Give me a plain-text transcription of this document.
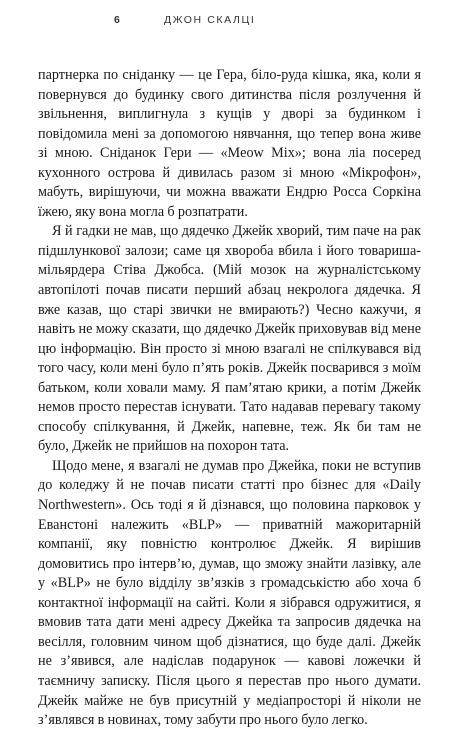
6	ДЖОН СКАЛЦІ

партнерка по сніданку — це Гера, біло-руда кішка, яка, коли я повернувся до будинку свого дитинства після розлучення й звільнення, виплигнула з кущів у дворі за будинком і повідомила мені за допомогою нявчання, що тепер вона живе зі мною. Сніданок Гери — «Meow Mix»; вона ліа посеред кухонного острова й дивилась разом зі мною «Мікрофон», мабуть, вирішуючи, чи можна вважати Ендрю Росса Соркіна їжею, яку вона могла б розпатрати.

Я й гадки не мав, що дядечко Джейк хворий, тим паче на рак підшлункової залози; саме ця хвороба вбила і його товариша-мільярдера Стіва Джобса. (Мій мозок на журналістському автопілоті почав писати перший абзац некролога дядечка. Я вже казав, що старі звички не вмирають?) Чесно кажучи, я навіть не можу сказати, що дядечко Джейк приховував від мене цю інформацію. Він просто зі мною взагалі не спілкувався від того часу, коли мені було п’ять років. Джейк посварився з моїм батьком, коли ховали маму. Я пам’ятаю крики, а потім Джейк немов просто перестав існувати. Тато надавав перевагу такому способу спілкування, й Джейк, напевне, теж. Як би там не було, Джейк не прийшов на похорон тата.

Щодо мене, я взагалі не думав про Джейка, поки не вступив до коледжу й не почав писати статті про бізнес для «Daily Northwestern». Ось тоді я й дізнався, що половина парковок у Еванстоні належить «BLP» — приватній мажоритарній компанії, яку повністю контролює Джейк. Я вирішив домовитись про інтерв’ю, думав, що зможу знайти лазівку, але у «BLP» не було відділу зв’язків з громадськістю або хоча б контактної інформації на сайті. Коли я зібрався одружитися, я вмовив тата дати мені адресу Джейка та запросив дядечка на весілля, головним чином щоб дізнатися, що буде далі. Джейк не з’явився, але надіслав подарунок — кавові ложечки й таємничу записку. Після цього я перестав про нього думати. Джейк майже не був присутній у медіапросторі й ніколи не з’являвся в новинах, тому забути про нього було легко.
